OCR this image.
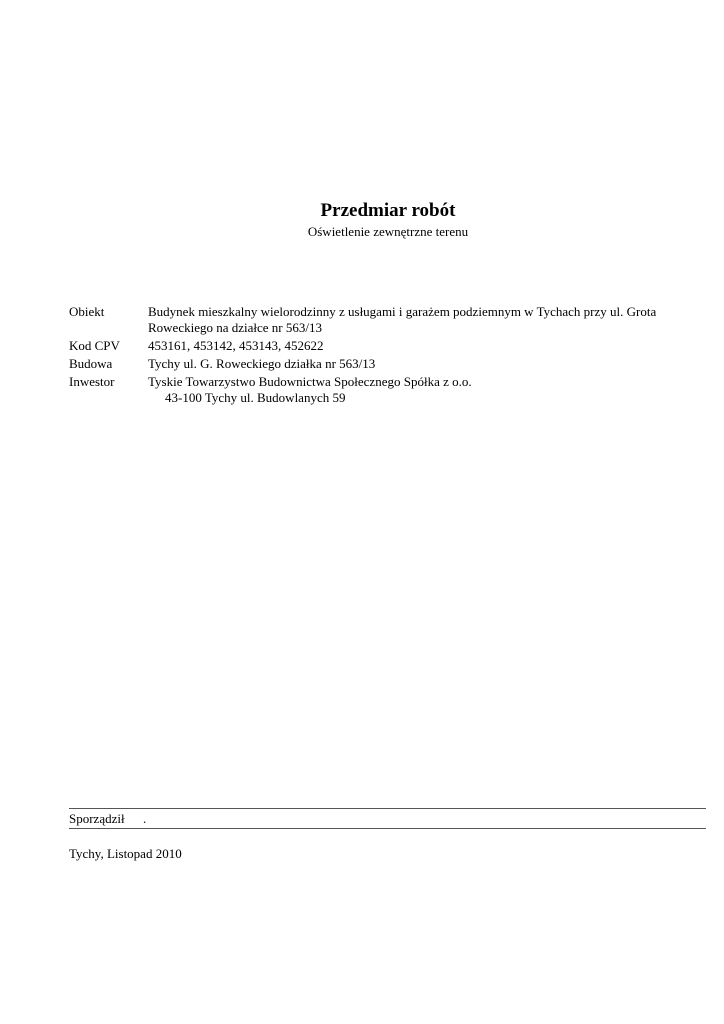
Przedmiar robót
Oświetlenie zewnętrzne terenu
Obiekt	Budynek mieszkalny wielorodzinny z usługami i garażem podziemnym w Tychach przy ul. Grota Roweckiego na działce nr 563/13
Kod CPV	453161, 453142, 453143, 452622
Budowa	Tychy ul. G. Roweckiego działka nr 563/13
Inwestor	Tyskie Towarzystwo Budownictwa Społecznego Spółka z o.o.
43-100 Tychy ul. Budowlanych 59
Sporządził	.
Tychy, Listopad 2010
